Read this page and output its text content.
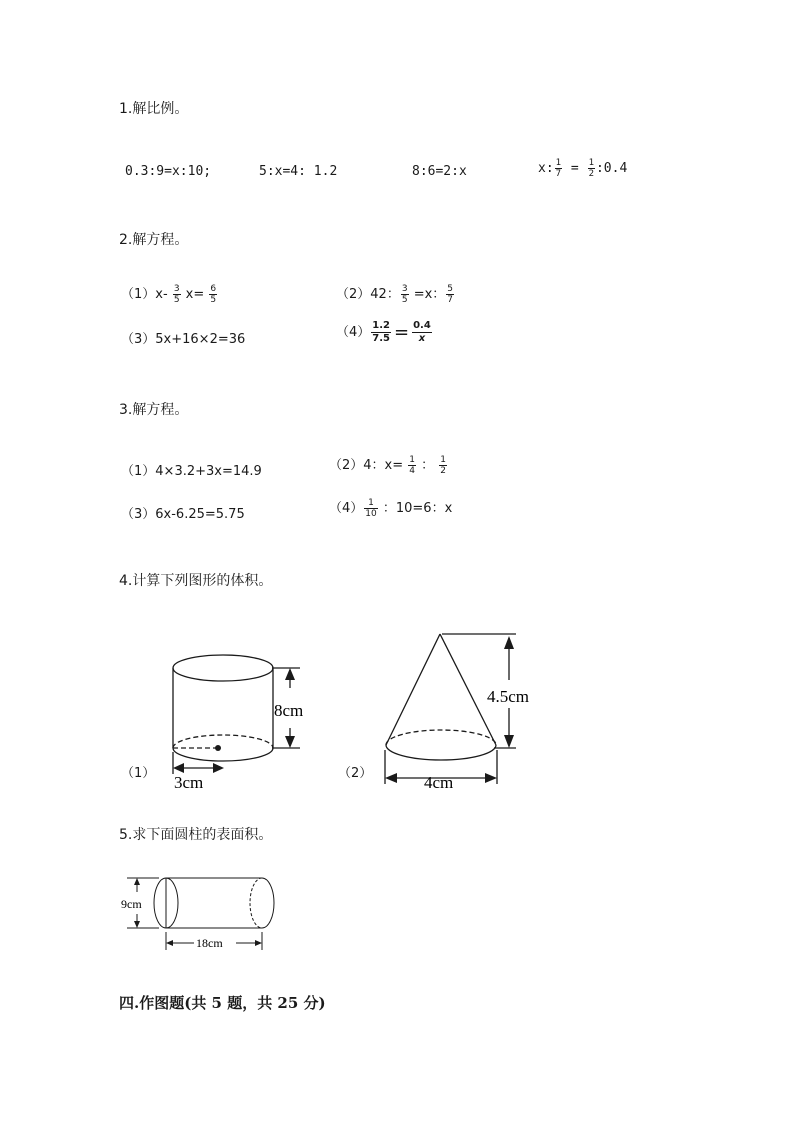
1.解比例。
0.3:9=x:10;	5:x=4: 1.2	8:6=2:x	x: $\frac{1}{7} = \frac{1}{2}$ :0.4
2.解方程。
$(1)x- \frac{3}{5} x= \frac{6}{5}$	（2）42： $\frac{3}{5} =x$： $\frac{5}{7}$
（3）5x+16×2=36	$(4) \frac{1.2}{7.5} = \frac{0.4}{x}$
3.解方程。
（1）4×3.2+3x=14.9	（2）4：$x= \frac{1}{4}$ ： $\frac{1}{2}$
（3）6x-6.25=5.75	$(4) \frac{1}{10}$ ：10=6：x
4.计算下列图形的体积。
（1）	（2）
8cm
3cm
4.5cm
4cm
5.求下面圆柱的表面积。
9cm
18cm
四.作图题(共 5 题，共 25 分)
